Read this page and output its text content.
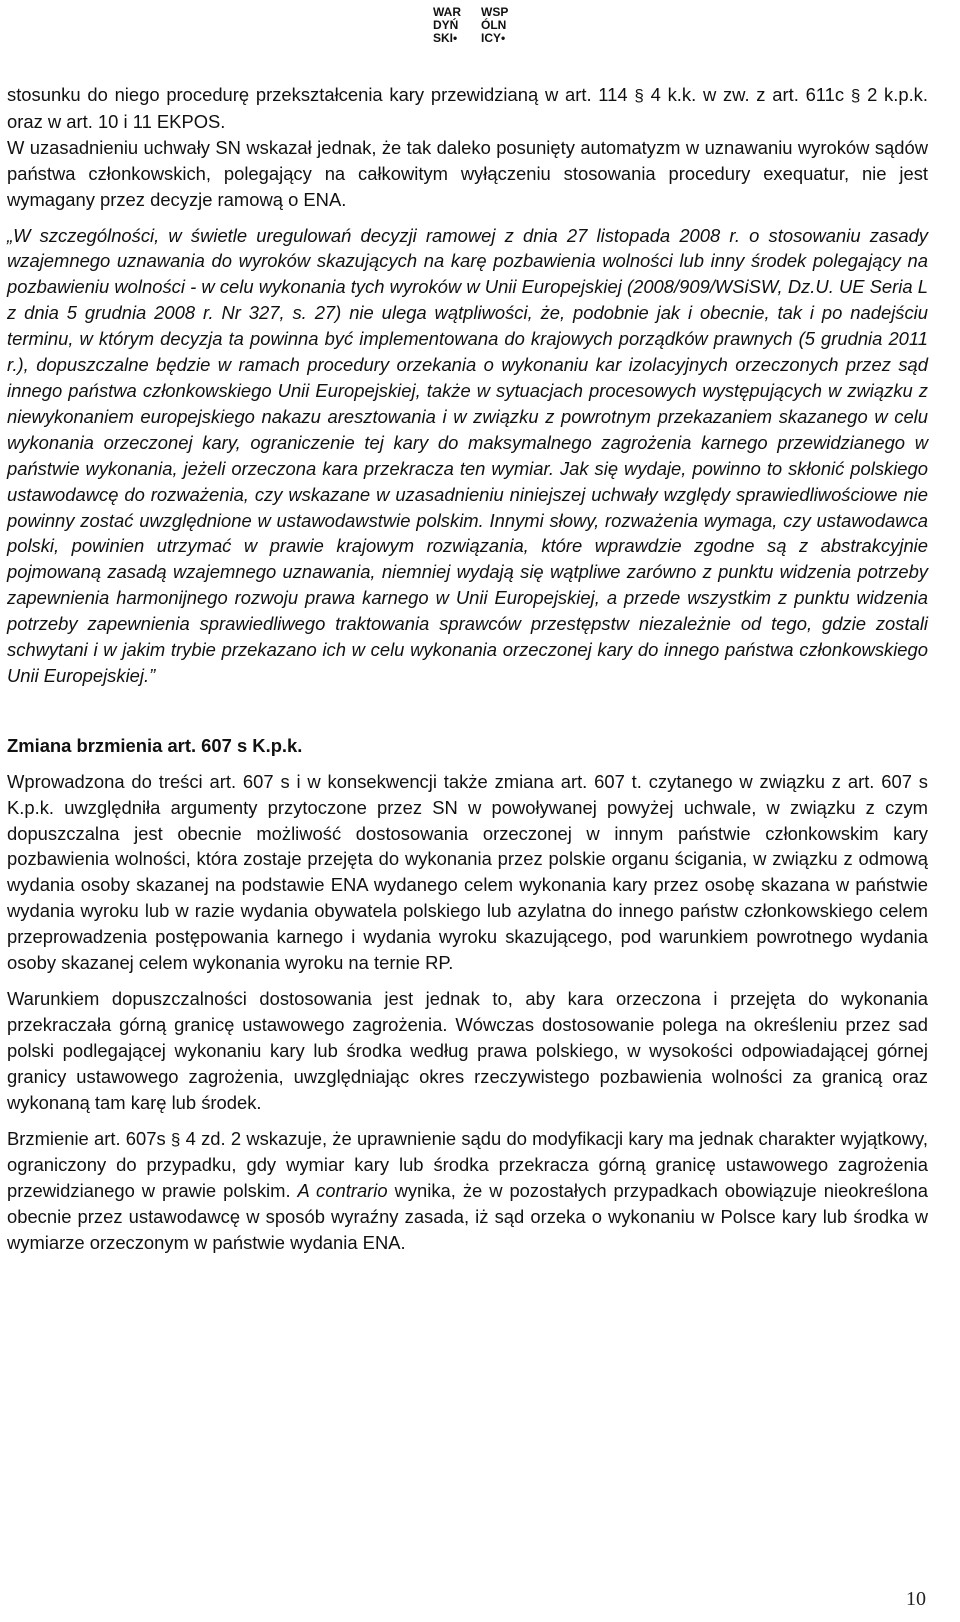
WAR WSP
DYŃ ÓLN
SKI• ICY•

stosunku do niego procedurę przekształcenia kary przewidzianą w art. 114 § 4 k.k. w zw. z art. 611c § 2 k.p.k. oraz w art. 10 i 11 EKPOS.

W uzasadnieniu uchwały SN wskazał jednak, że tak daleko posunięty automatyzm w uznawaniu wyroków sądów państwa członkowskich, polegający na całkowitym wyłączeniu stosowania procedury exequatur, nie jest wymagany przez decyzje ramową o ENA.

„W szczególności, w świetle uregulowań decyzji ramowej z dnia 27 listopada 2008 r. o stosowaniu zasady wzajemnego uznawania do wyroków skazujących na karę pozbawienia wolności lub inny środek polegający na pozbawieniu wolności - w celu wykonania tych wyroków w Unii Europejskiej (2008/909/WSiSW, Dz.U. UE Seria L z dnia 5 grudnia 2008 r. Nr 327, s. 27) nie ulega wątpliwości, że, podobnie jak i obecnie, tak i po nadejściu terminu, w którym decyzja ta powinna być implementowana do krajowych porządków prawnych (5 grudnia 2011 r.), dopuszczalne będzie w ramach procedury orzekania o wykonaniu kar izolacyjnych orzeczonych przez sąd innego państwa członkowskiego Unii Europejskiej, także w sytuacjach procesowych występujących w związku z niewykonaniem europejskiego nakazu aresztowania i w związku z powrotnym przekazaniem skazanego w celu wykonania orzeczonej kary, ograniczenie tej kary do maksymalnego zagrożenia karnego przewidzianego w państwie wykonania, jeżeli orzeczona kara przekracza ten wymiar. Jak się wydaje, powinno to skłonić polskiego ustawodawcę do rozważenia, czy wskazane w uzasadnieniu niniejszej uchwały względy sprawiedliwościowe nie powinny zostać uwzględnione w ustawodawstwie polskim. Innymi słowy, rozważenia wymaga, czy ustawodawca polski, powinien utrzymać w prawie krajowym rozwiązania, które wprawdzie zgodne są z abstrakcyjnie pojmowaną zasadą wzajemnego uznawania, niemniej wydają się wątpliwe zarówno z punktu widzenia potrzeby zapewnienia harmonijnego rozwoju prawa karnego w Unii Europejskiej, a przede wszystkim z punktu widzenia potrzeby zapewnienia sprawiedliwego traktowania sprawców przestępstw niezależnie od tego, gdzie zostali schwytani i w jakim trybie przekazano ich w celu wykonania orzeczonej kary do innego państwa członkowskiego Unii Europejskiej.”

Zmiana brzmienia art. 607 s K.p.k.

Wprowadzona do treści art. 607 s i w konsekwencji także zmiana art. 607 t. czytanego w związku z art. 607 s K.p.k. uwzględniła argumenty przytoczone przez SN w powoływanej powyżej uchwale, w związku z czym dopuszczalna jest obecnie możliwość dostosowania orzeczonej w innym państwie członkowskim kary pozbawienia wolności, która zostaje przejęta do wykonania przez polskie organu ścigania, w związku z odmową wydania osoby skazanej na podstawie ENA wydanego celem wykonania kary przez osobę skazana w państwie wydania wyroku lub w razie wydania obywatela polskiego lub azylatna do innego państw członkowskiego celem przeprowadzenia postępowania karnego i wydania wyroku skazującego, pod warunkiem powrotnego wydania osoby skazanej celem wykonania wyroku na ternie RP.

Warunkiem dopuszczalności dostosowania jest jednak to, aby kara orzeczona i przejęta do wykonania przekraczała górną granicę ustawowego zagrożenia. Wówczas dostosowanie polega na określeniu przez sad polski podlegającej wykonaniu kary lub środka według prawa polskiego, w wysokości odpowiadającej górnej granicy ustawowego zagrożenia, uwzględniając okres rzeczywistego pozbawienia wolności za granicą oraz wykonaną tam karę lub środek.

Brzmienie art. 607s § 4 zd. 2 wskazuje, że uprawnienie sądu do modyfikacji kary ma jednak charakter wyjątkowy, ograniczony do przypadku, gdy wymiar kary lub środka przekracza górną granicę ustawowego zagrożenia przewidzianego w prawie polskim. A contrario wynika, że w pozostałych przypadkach obowiązuje nieokreślona obecnie przez ustawodawcę w sposób wyraźny zasada, iż sąd orzeka o wykonaniu w Polsce kary lub środka w wymiarze orzeczonym w państwie wydania ENA.

10
